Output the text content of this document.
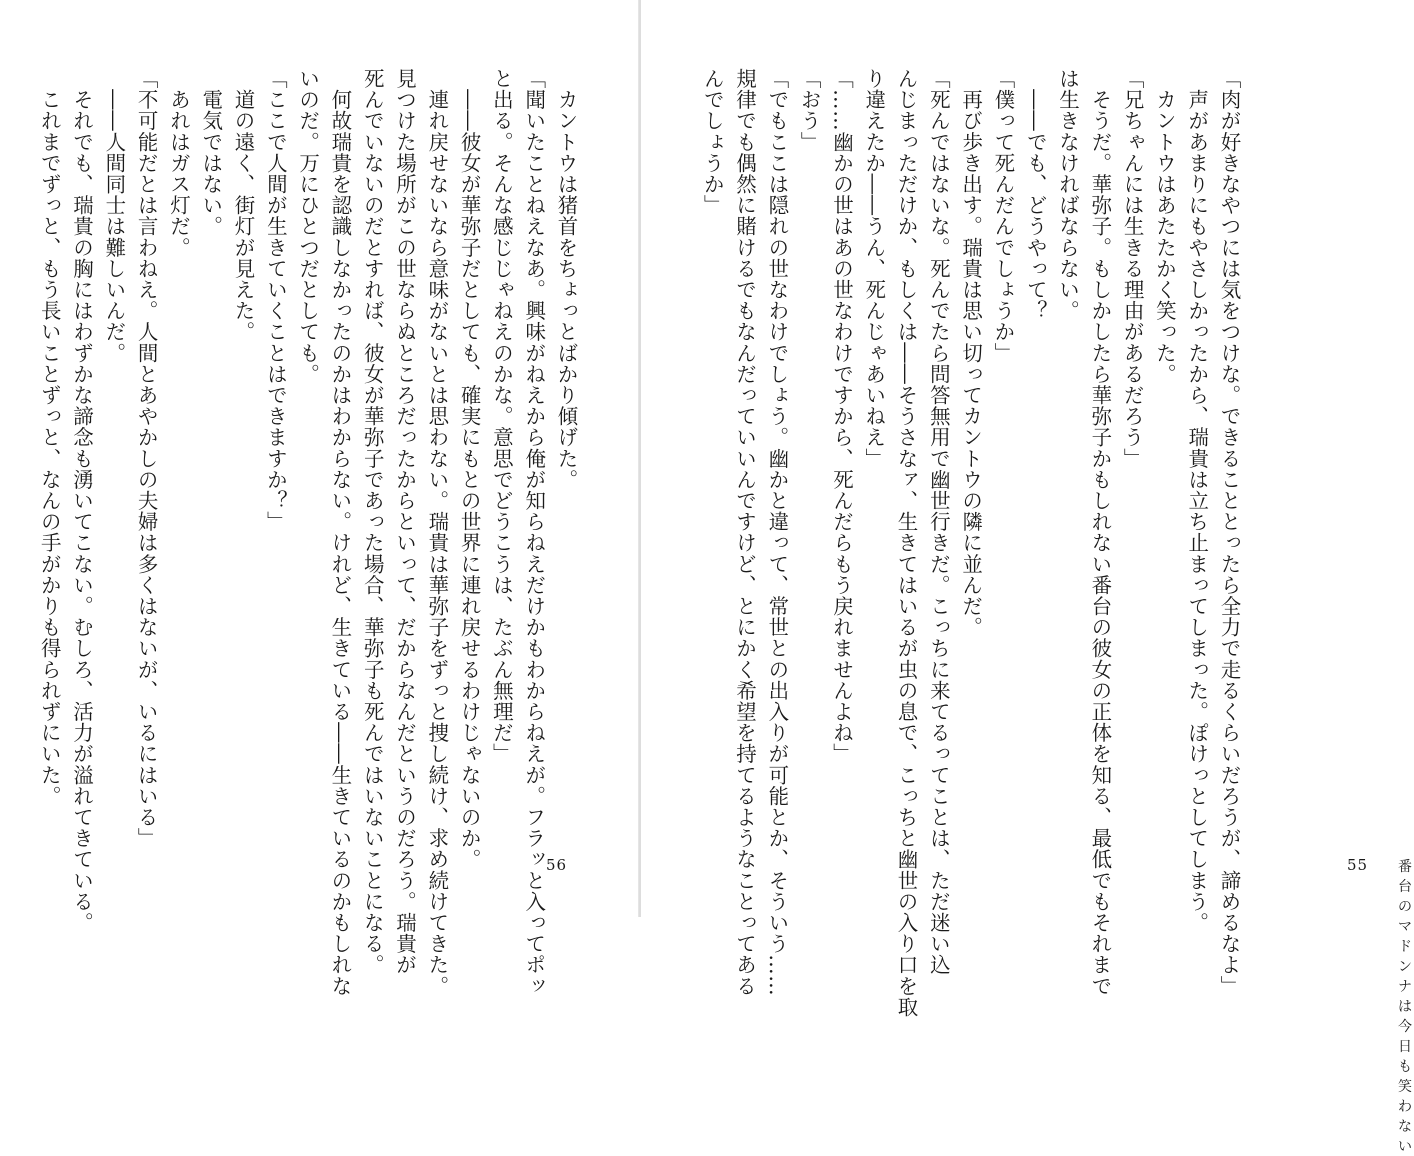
　カントウは猪首をちょっとばかり傾げた。
「聞いたことねえなあ。興味がねえから俺が知らねえだけかもわからねえが。フラッと入ってポッ
と出る。そんな感じじゃねえのかな。意思でどうこうは、たぶん無理だ」
　――彼女が華弥子だとしても、確実にもとの世界に連れ戻せるわけじゃないのか。
　連れ戻せないなら意味がないとは思わない。瑞貴は華弥子をずっと捜し続け、求め続けてきた。
見つけた場所がこの世ならぬところだったからといって、だからなんだというのだろう。瑞貴が
死んでいないのだとすれば、彼女が華弥子であった場合、華弥子も死んではいないことになる。
　何故瑞貴を認識しなかったのかはわからない。けれど、生きている――生きているのかもしれな
いのだ。万にひとつだとしても。
「ここで人間が生きていくことはできますか？」
　道の遠く、街灯が見えた。
　電気ではない。
　あれはガス灯だ。
「不可能だとは言わねえ。人間とあやかしの夫婦は多くはないが、いるにはいる」
　――人間同士は難しいんだ。
　それでも、瑞貴の胸にはわずかな諦念も湧いてこない。むしろ、活力が溢れてきている。
　これまでずっと、もう長いことずっと、なんの手がかりも得られずにいた。
56	「肉が好きなやつには気をつけな。できることとったら全力で走るくらいだろうが、諦めるなよ」
　声があまりにもやさしかったから、瑞貴は立ち止まってしまった。ぽけっとしてしまう。
　カントウはあたたかく笑った。
「兄ちゃんには生きる理由があるだろう」
　そうだ。華弥子。もしかしたら華弥子かもしれない番台の彼女の正体を知る、最低でもそれまで
は生きなければならない。
　――でも、どうやって？
「僕って死んだんでしょうか」
　再び歩き出す。瑞貴は思い切ってカントウの隣に並んだ。
「死んではないな。死んでたら問答無用で幽世行きだ。こっちに来てるってことは、ただ迷い込
んじまっただけか、もしくは――そうさなァ、生きてはいるが虫の息で、こっちと幽世の入り口を取
り違えたか――うん、死んじゃあいねえ」
「……幽かの世はあの世なわけですから、死んだらもう戻れませんよね」
「おう」
「でもここは隠れの世なわけでしょう。幽かと違って、常世との出入りが可能とか、そういう……
規律でも偶然に賭けるでもなんだっていいんですけど、とにかく希望を持てるようなことってある
んでしょうか」
55 番台のマドンナは今日も笑わない
